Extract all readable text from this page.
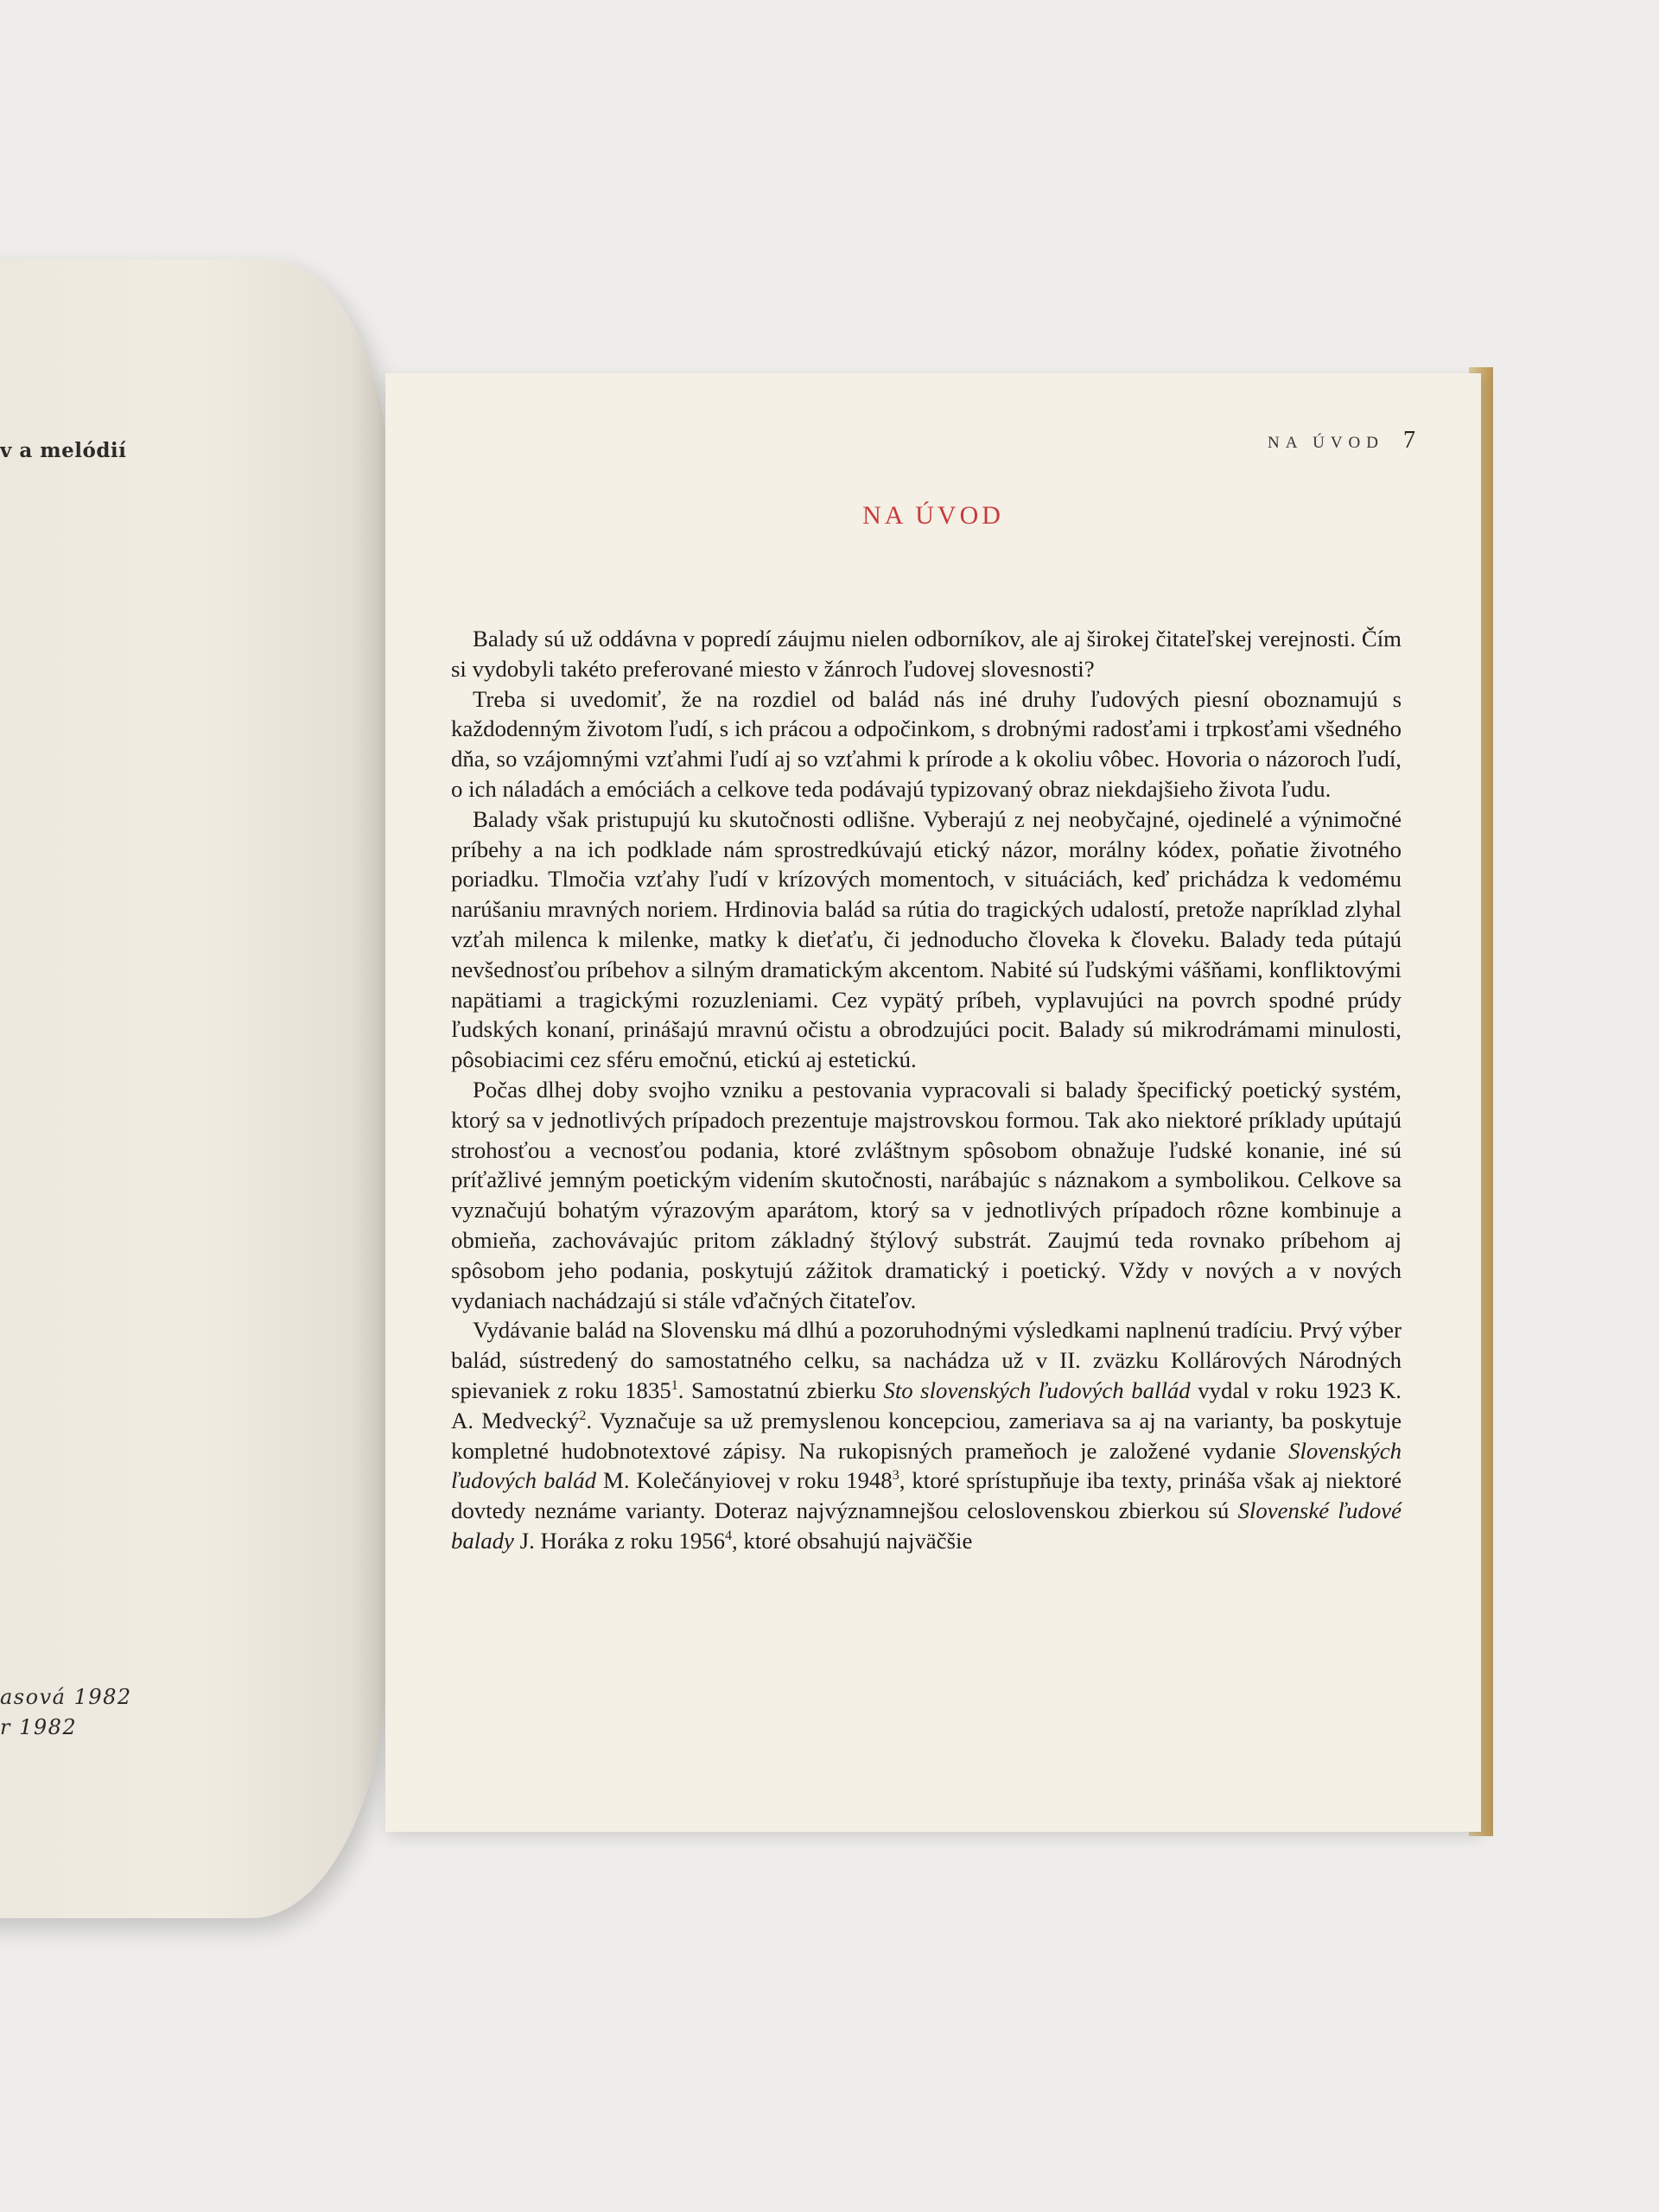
v a melódií
asová 1982
r 1982
NA ÚVOD 7
NA ÚVOD

Balady sú už oddávna v popredí záujmu nielen odborníkov, ale aj širokej čitateľskej verejnosti. Čím si vydobyli takéto preferované miesto v žánroch ľudovej slovesnosti?

Treba si uvedomiť, že na rozdiel od balád nás iné druhy ľudových piesní oboznamujú s každodenným životom ľudí, s ich prácou a odpočinkom, s drobnými radosťami i trpkosťami všedného dňa, so vzájomnými vzťahmi ľudí aj so vzťahmi k prírode a k okoliu vôbec. Hovoria o názoroch ľudí, o ich náladách a emóciách a celkove teda podávajú typizovaný obraz niekdajšieho života ľudu.

Balady však pristupujú ku skutočnosti odlišne. Vyberajú z nej neobyčajné, ojedinelé a výnimočné príbehy a na ich podklade nám sprostredkúvajú etický názor, morálny kódex, poňatie životného poriadku. Tlmočia vzťahy ľudí v krízových momentoch, v situáciách, keď prichádza k vedomému narúšaniu mravných noriem. Hrdinovia balád sa rútia do tragických udalostí, pretože napríklad zlyhal vzťah milenca k milenke, matky k dieťaťu, či jednoducho človeka k človeku. Balady teda pútajú nevšednosťou príbehov a silným dramatickým akcentom. Nabité sú ľudskými vášňami, konfliktovými napätiami a tragickými rozuzleniami. Cez vypätý príbeh, vyplavujúci na povrch spodné prúdy ľudských konaní, prinášajú mravnú očistu a obrodzujúci pocit. Balady sú mikrodrámami minulosti, pôsobiacimi cez sféru emočnú, etickú aj estetickú.

Počas dlhej doby svojho vzniku a pestovania vypracovali si balady špecifický poetický systém, ktorý sa v jednotlivých prípadoch prezentuje majstrovskou formou. Tak ako niektoré príklady upútajú strohosťou a vecnosťou podania, ktoré zvláštnym spôsobom obnažuje ľudské konanie, iné sú príťažlivé jemným poetickým videním skutočnosti, narábajúc s náznakom a symbolikou. Celkove sa vyznačujú bohatým výrazovým aparátom, ktorý sa v jednotlivých prípadoch rôzne kombinuje a obmieňa, zachovávajúc pritom základný štýlový substrát. Zaujmú teda rovnako príbehom aj spôsobom jeho podania, poskytujú zážitok dramatický i poetický. Vždy v nových a v nových vydaniach nachádzajú si stále vďačných čitateľov.

Vydávanie balád na Slovensku má dlhú a pozoruhodnými výsledkami naplnenú tradíciu. Prvý výber balád, sústredený do samostatného celku, sa nachádza už v II. zväzku Kollárových Národných spievaniek z roku 1835$^1$. Samostatnú zbierku Sto slovenských ľudových ballád vydal v roku 1923 K. A. Medvecký$^2$. Vyznačuje sa už premyslenou koncepciou, zameriava sa aj na varianty, ba poskytuje kompletné hudobnotextové zápisy. Na rukopisných prameňoch je založené vydanie Slovenských ľudových balád M. Kolečányiovej v roku 1948$^3$, ktoré sprístupňuje iba texty, prináša však aj niektoré dovtedy neznáme varianty. Doteraz najvýznamnejšou celoslovenskou zbierkou sú Slovenské ľudové balady J. Horáka z roku 1956$^4$, ktoré obsahujú najväčšie
